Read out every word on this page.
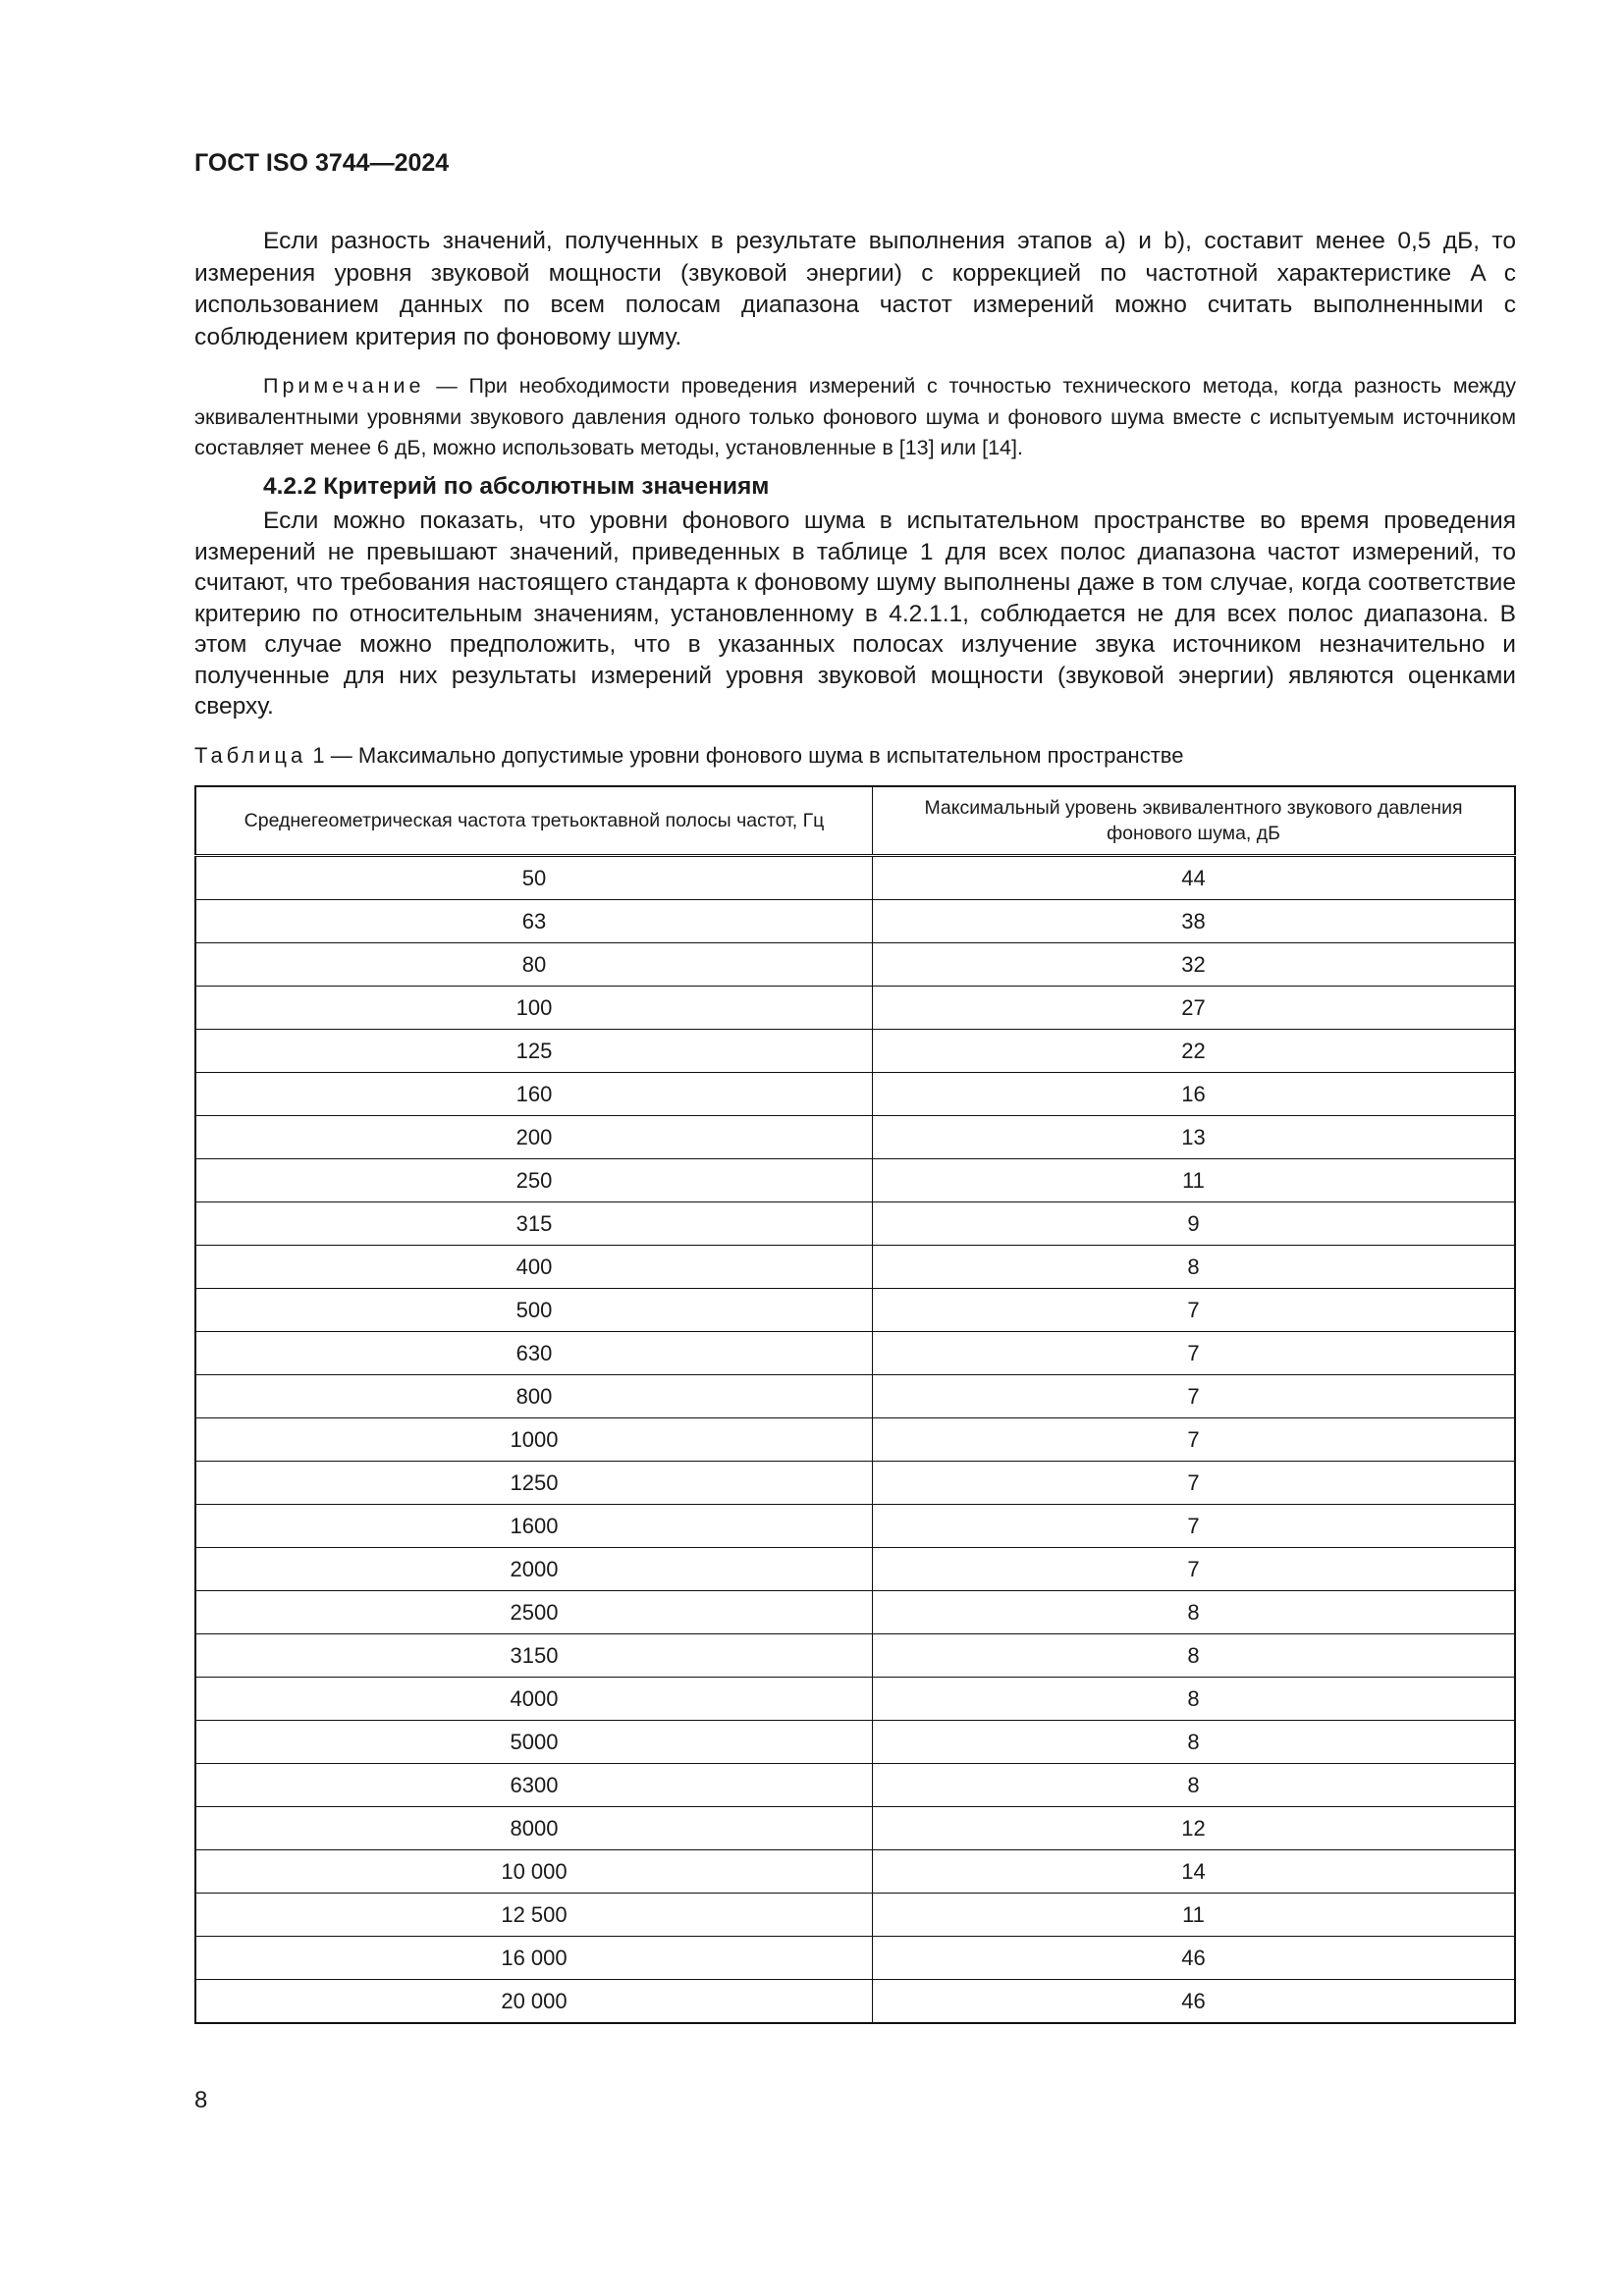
ГОСТ ISO 3744—2024

Если разность значений, полученных в результате выполнения этапов a) и b), составит менее 0,5 дБ, то измерения уровня звуковой мощности (звуковой энергии) с коррекцией по частотной характеристике A с использованием данных по всем полосам диапазона частот измерений можно считать выполненными с соблюдением критерия по фоновому шуму.

Примечание — При необходимости проведения измерений с точностью технического метода, когда разность между эквивалентными уровнями звукового давления одного только фонового шума и фонового шума вместе с испытуемым источником составляет менее 6 дБ, можно использовать методы, установленные в [13] или [14].

4.2.2 Критерий по абсолютным значениям

Если можно показать, что уровни фонового шума в испытательном пространстве во время проведения измерений не превышают значений, приведенных в таблице 1 для всех полос диапазона частот измерений, то считают, что требования настоящего стандарта к фоновому шуму выполнены даже в том случае, когда соответствие критерию по относительным значениям, установленному в 4.2.1.1, соблюдается не для всех полос диапазона. В этом случае можно предположить, что в указанных полосах излучение звука источником незначительно и полученные для них результаты измерений уровня звуковой мощности (звуковой энергии) являются оценками сверху.

Таблица 1 — Максимально допустимые уровни фонового шума в испытательном пространстве
Среднегеометрическая частота третьоктавной полосы частот, Гц	Максимальный уровень эквивалентного звукового давления фонового шума, дБ
50	44
63	38
80	32
100	27
125	22
160	16
200	13
250	11
315	9
400	8
500	7
630	7
800	7
1000	7
1250	7
1600	7
2000	7
2500	8
3150	8
4000	8
5000	8
6300	8
8000	12
10 000	14
12 500	11
16 000	46
20 000	46
8
